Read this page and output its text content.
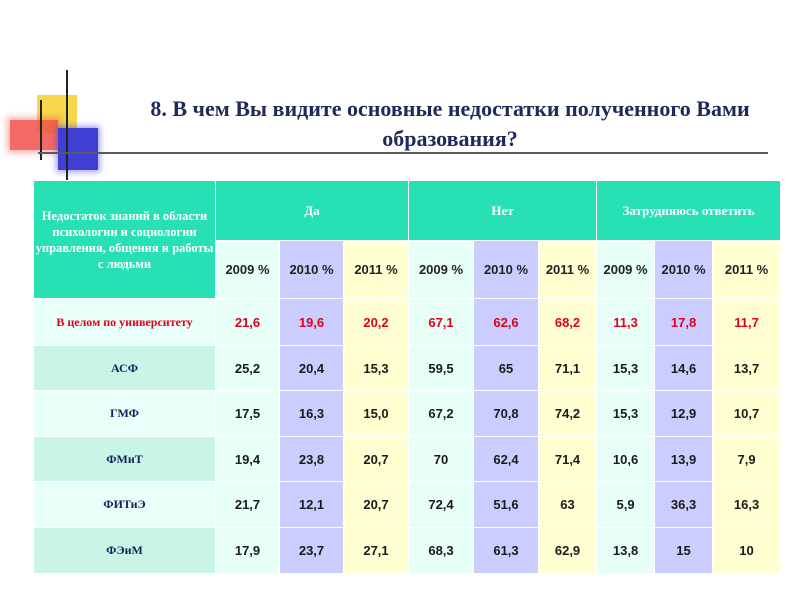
8. В чем Вы видите основные недостатки полученного Вами образования?
Недостаток знаний в области психологии и социологии управления, общения и работы с людьми	Да			Нет			Затрудняюсь ответить		
	2009 %	2010 %	2011 %	2009 %	2010 %	2011 %	2009 %	2010 %	2011 %
В целом по университету	21,6	19,6	20,2	67,1	62,6	68,2	11,3	17,8	11,7
АСФ	25,2	20,4	15,3	59,5	65	71,1	15,3	14,6	13,7
ГМФ	17,5	16,3	15,0	67,2	70,8	74,2	15,3	12,9	10,7
ФМиТ	19,4	23,8	20,7	70	62,4	71,4	10,6	13,9	7,9
ФИТиЭ	21,7	12,1	20,7	72,4	51,6	63	5,9	36,3	16,3
ФЭиМ	17,9	23,7	27,1	68,3	61,3	62,9	13,8	15	10
